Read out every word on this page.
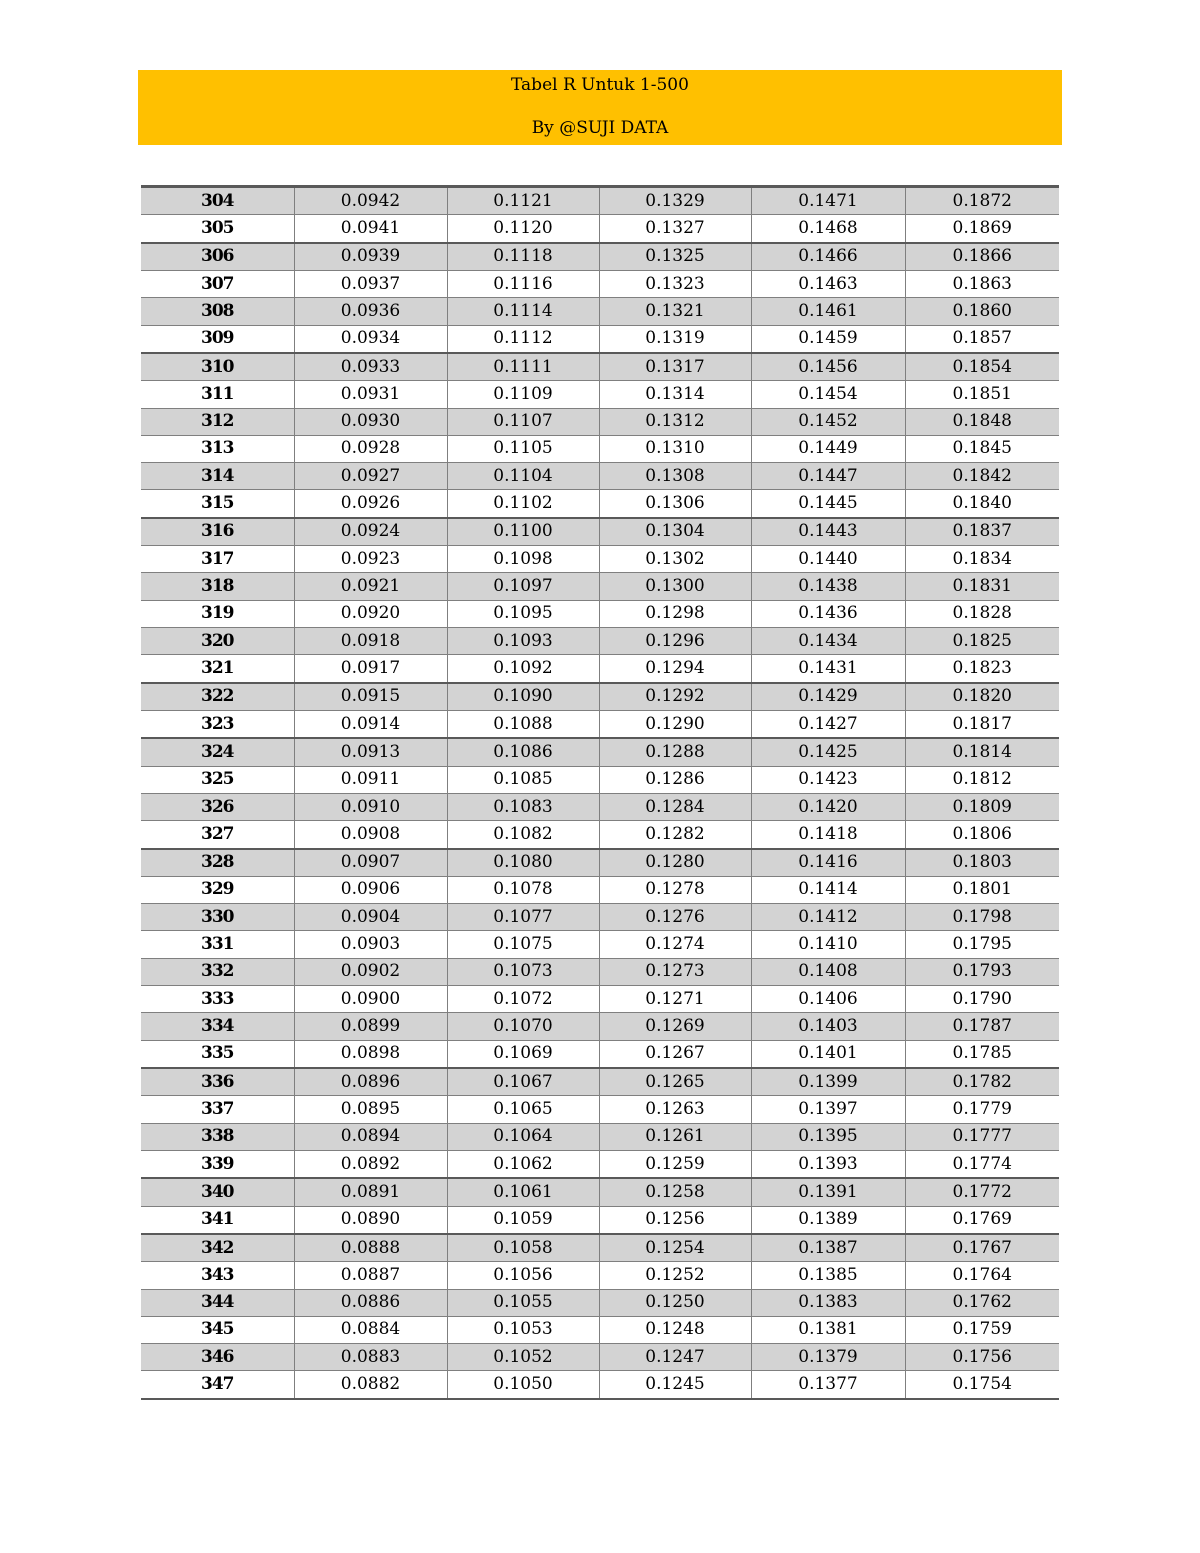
Tabel R Untuk 1-500
By @SUJI DATA
304	0.0942	0.1121	0.1329	0.1471	0.1872
305	0.0941	0.1120	0.1327	0.1468	0.1869
306	0.0939	0.1118	0.1325	0.1466	0.1866
307	0.0937	0.1116	0.1323	0.1463	0.1863
308	0.0936	0.1114	0.1321	0.1461	0.1860
309	0.0934	0.1112	0.1319	0.1459	0.1857
310	0.0933	0.1111	0.1317	0.1456	0.1854
311	0.0931	0.1109	0.1314	0.1454	0.1851
312	0.0930	0.1107	0.1312	0.1452	0.1848
313	0.0928	0.1105	0.1310	0.1449	0.1845
314	0.0927	0.1104	0.1308	0.1447	0.1842
315	0.0926	0.1102	0.1306	0.1445	0.1840
316	0.0924	0.1100	0.1304	0.1443	0.1837
317	0.0923	0.1098	0.1302	0.1440	0.1834
318	0.0921	0.1097	0.1300	0.1438	0.1831
319	0.0920	0.1095	0.1298	0.1436	0.1828
320	0.0918	0.1093	0.1296	0.1434	0.1825
321	0.0917	0.1092	0.1294	0.1431	0.1823
322	0.0915	0.1090	0.1292	0.1429	0.1820
323	0.0914	0.1088	0.1290	0.1427	0.1817
324	0.0913	0.1086	0.1288	0.1425	0.1814
325	0.0911	0.1085	0.1286	0.1423	0.1812
326	0.0910	0.1083	0.1284	0.1420	0.1809
327	0.0908	0.1082	0.1282	0.1418	0.1806
328	0.0907	0.1080	0.1280	0.1416	0.1803
329	0.0906	0.1078	0.1278	0.1414	0.1801
330	0.0904	0.1077	0.1276	0.1412	0.1798
331	0.0903	0.1075	0.1274	0.1410	0.1795
332	0.0902	0.1073	0.1273	0.1408	0.1793
333	0.0900	0.1072	0.1271	0.1406	0.1790
334	0.0899	0.1070	0.1269	0.1403	0.1787
335	0.0898	0.1069	0.1267	0.1401	0.1785
336	0.0896	0.1067	0.1265	0.1399	0.1782
337	0.0895	0.1065	0.1263	0.1397	0.1779
338	0.0894	0.1064	0.1261	0.1395	0.1777
339	0.0892	0.1062	0.1259	0.1393	0.1774
340	0.0891	0.1061	0.1258	0.1391	0.1772
341	0.0890	0.1059	0.1256	0.1389	0.1769
342	0.0888	0.1058	0.1254	0.1387	0.1767
343	0.0887	0.1056	0.1252	0.1385	0.1764
344	0.0886	0.1055	0.1250	0.1383	0.1762
345	0.0884	0.1053	0.1248	0.1381	0.1759
346	0.0883	0.1052	0.1247	0.1379	0.1756
347	0.0882	0.1050	0.1245	0.1377	0.1754
